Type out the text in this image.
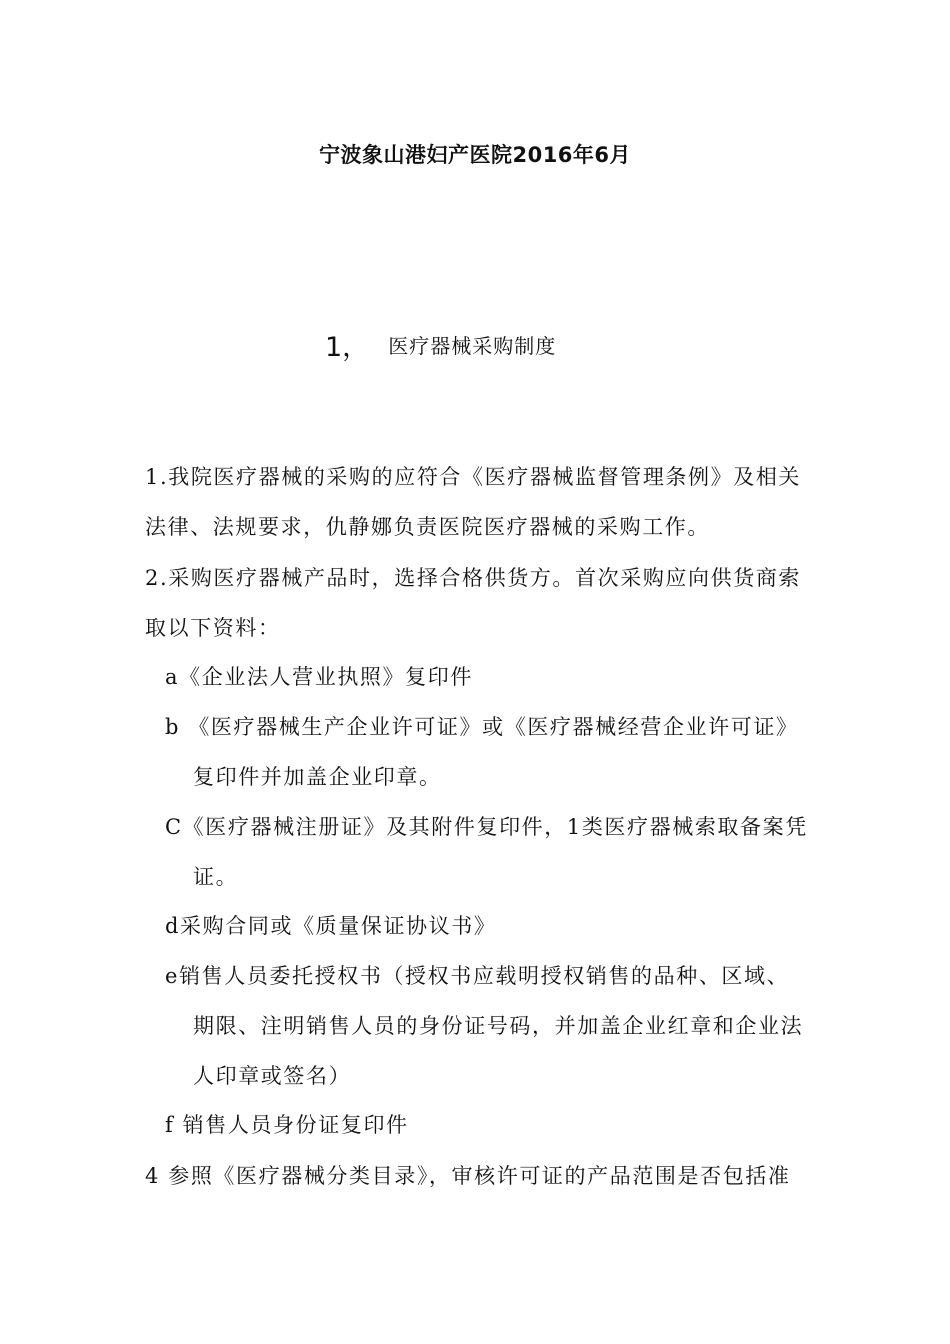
宁波象山港妇产医院2016年6月
1， 医疗器械采购制度
1.我院医疗器械的采购的应符合《医疗器械监督管理条例》及相关
法律、法规要求，仇静娜负责医院医疗器械的采购工作。
2.采购医疗器械产品时，选择合格供货方。首次采购应向供货商索
取以下资料：
a《企业法人营业执照》复印件
b 《医疗器械生产企业许可证》或《医疗器械经营企业许可证》
复印件并加盖企业印章。
C《医疗器械注册证》及其附件复印件，1类医疗器械索取备案凭
证。
d采购合同或《质量保证协议书》
e销售人员委托授权书（授权书应载明授权销售的品种、区域、
期限、注明销售人员的身份证号码，并加盖企业红章和企业法
人印章或签名）
f 销售人员身份证复印件
4 参照《医疗器械分类目录》，审核许可证的产品范围是否包括准
